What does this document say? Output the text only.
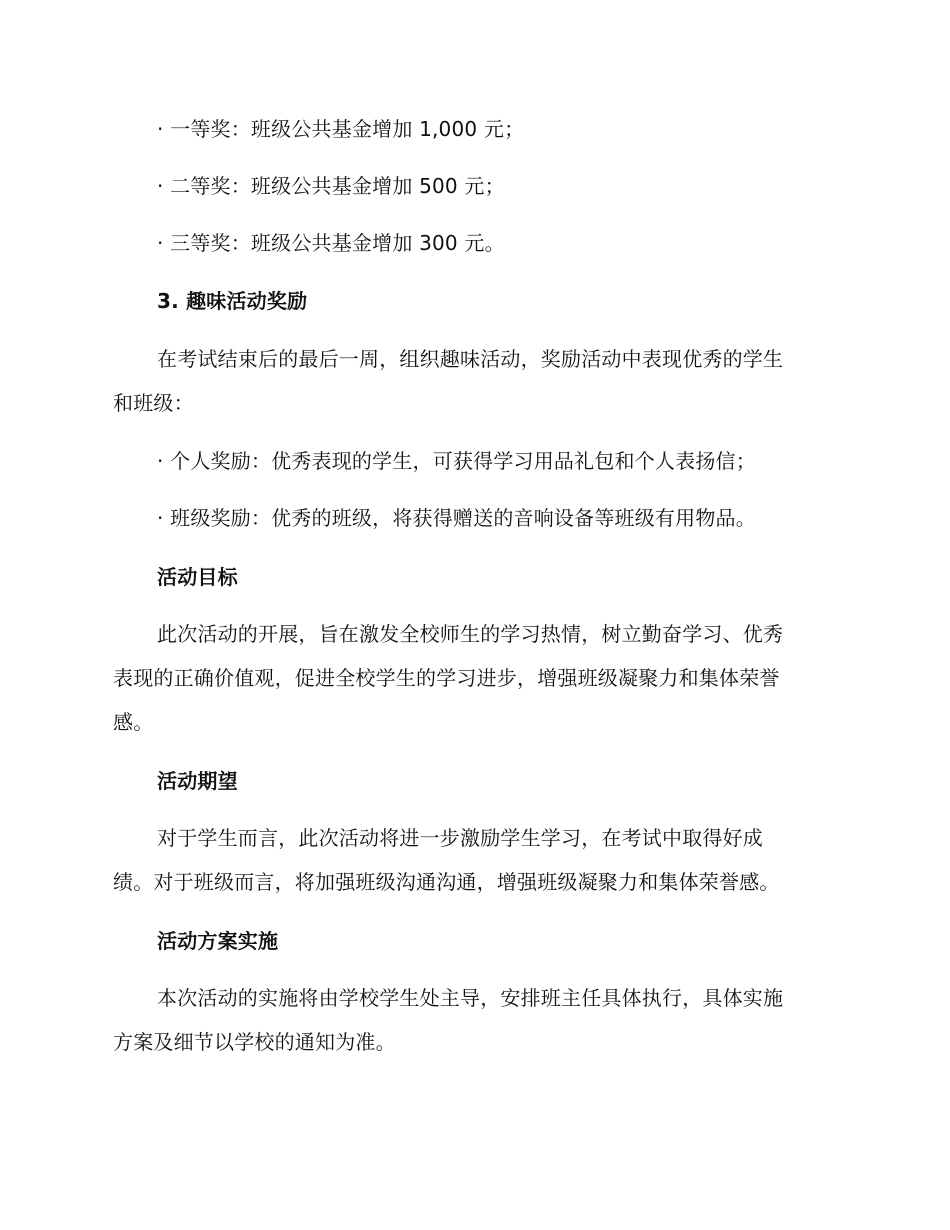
· 一等奖：班级公共基金增加 1,000 元；
· 二等奖：班级公共基金增加 500 元；
· 三等奖：班级公共基金增加 300 元。
3. 趣味活动奖励
在考试结束后的最后一周，组织趣味活动，奖励活动中表现优秀的学生
和班级：
· 个人奖励：优秀表现的学生，可获得学习用品礼包和个人表扬信；
· 班级奖励：优秀的班级，将获得赠送的音响设备等班级有用物品。
活动目标
此次活动的开展，旨在激发全校师生的学习热情，树立勤奋学习、优秀
表现的正确价值观，促进全校学生的学习进步，增强班级凝聚力和集体荣誉
感。
活动期望
对于学生而言，此次活动将进一步激励学生学习，在考试中取得好成
绩。对于班级而言，将加强班级沟通沟通，增强班级凝聚力和集体荣誉感。
活动方案实施
本次活动的实施将由学校学生处主导，安排班主任具体执行，具体实施
方案及细节以学校的通知为准。
